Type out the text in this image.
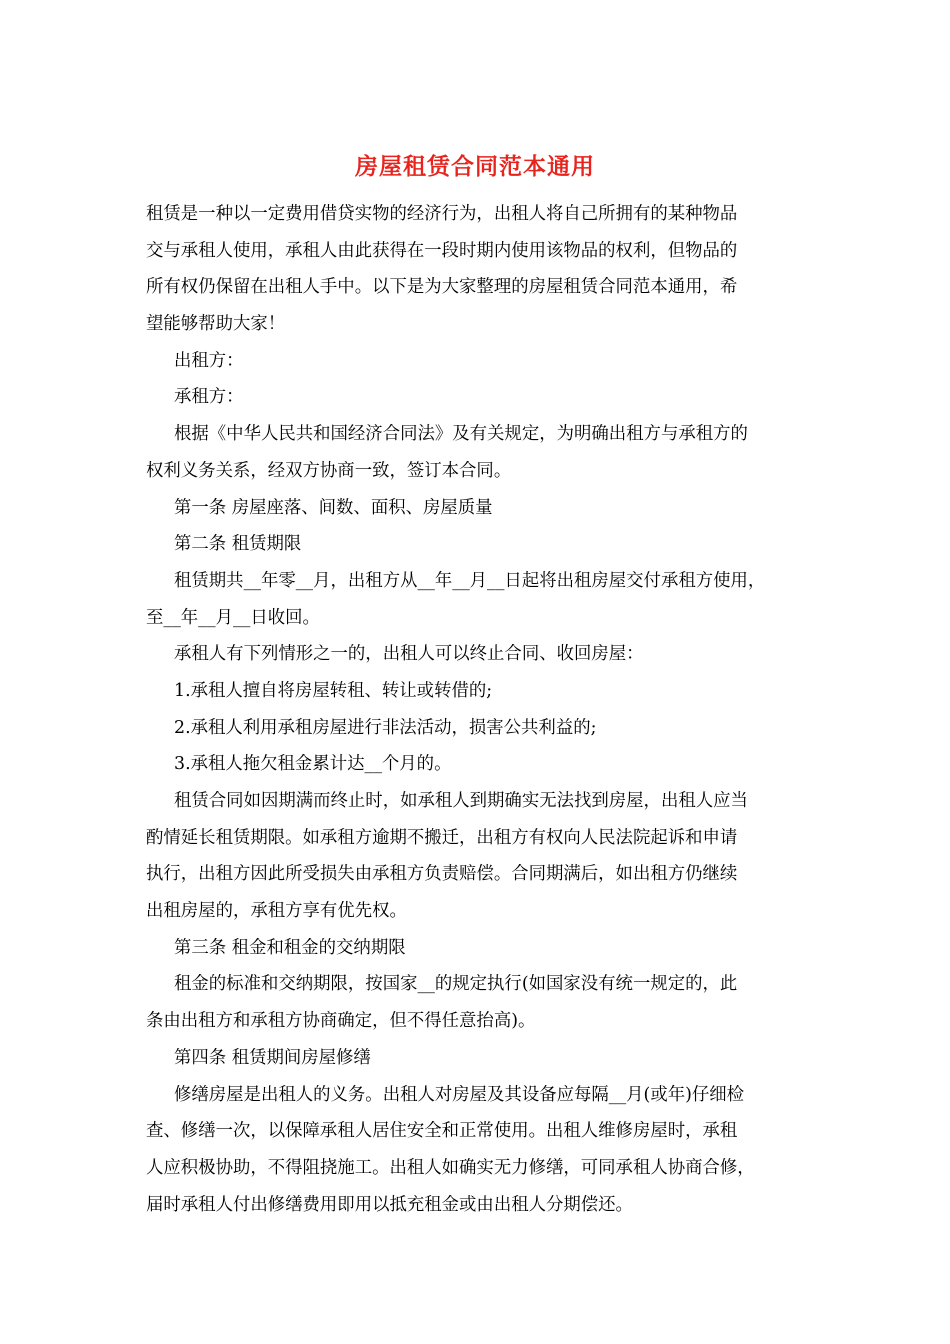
房屋租赁合同范本通用
租赁是一种以一定费用借贷实物的经济行为，出租人将自己所拥有的某种物品
交与承租人使用，承租人由此获得在一段时期内使用该物品的权利，但物品的
所有权仍保留在出租人手中。以下是为大家整理的房屋租赁合同范本通用，希
望能够帮助大家！
出租方：
承租方：
根据《中华人民共和国经济合同法》及有关规定，为明确出租方与承租方的
权利义务关系，经双方协商一致，签订本合同。
第一条 房屋座落、间数、面积、房屋质量
第二条 租赁期限
租赁期共__年零__月，出租方从__年__月__日起将出租房屋交付承租方使用，
至__年__月__日收回。
承租人有下列情形之一的，出租人可以终止合同、收回房屋：
1.承租人擅自将房屋转租、转让或转借的;
2.承租人利用承租房屋进行非法活动，损害公共利益的;
3.承租人拖欠租金累计达__个月的。
租赁合同如因期满而终止时，如承租人到期确实无法找到房屋，出租人应当
酌情延长租赁期限。如承租方逾期不搬迁，出租方有权向人民法院起诉和申请
执行，出租方因此所受损失由承租方负责赔偿。合同期满后，如出租方仍继续
出租房屋的，承租方享有优先权。
第三条 租金和租金的交纳期限
租金的标准和交纳期限，按国家__的规定执行(如国家没有统一规定的，此
条由出租方和承租方协商确定，但不得任意抬高)。
第四条 租赁期间房屋修缮
修缮房屋是出租人的义务。出租人对房屋及其设备应每隔__月(或年)仔细检
查、修缮一次，以保障承租人居住安全和正常使用。出租人维修房屋时，承租
人应积极协助，不得阻挠施工。出租人如确实无力修缮，可同承租人协商合修，
届时承租人付出修缮费用即用以抵充租金或由出租人分期偿还。
